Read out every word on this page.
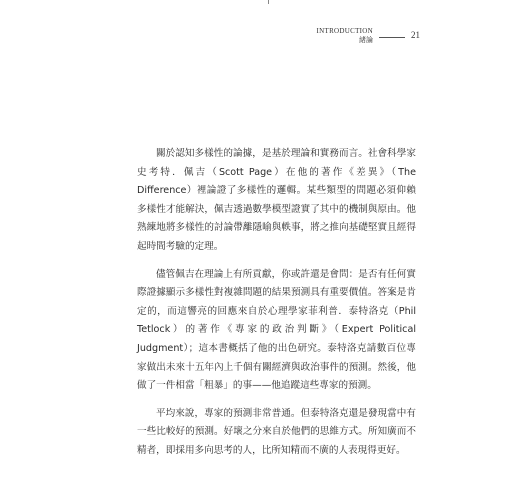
INTRODUCTION
緒論	21

關於認知多樣性的論據，是基於理論和實務而言。社會科學家史考特．佩吉（Scott Page）在他的著作《差異》（The Difference）裡論證了多樣性的邏輯。某些類型的問題必須仰賴多樣性才能解決，佩吉透過數學模型證實了其中的機制與原由。他熟練地將多樣性的討論帶離隱喻與軼事，將之推向基礎堅實且經得起時間考驗的定理。

儘管佩吉在理論上有所貢獻，你或許還是會問：是否有任何實際證據顯示多樣性對複雜問題的結果預測具有重要價值。答案是肯定的，而這響亮的回應來自於心理學家菲利普．泰特洛克（Phil Tetlock）的著作《專家的政治判斷》（Expert Political Judgment）；這本書概括了他的出色研究。泰特洛克請數百位專家做出未來十五年內上千個有關經濟與政治事件的預測。然後，他做了一件相當「粗暴」的事——他追蹤這些專家的預測。

平均來說，專家的預測非常普通。但泰特洛克還是發現當中有一些比較好的預測。好壞之分來自於他們的思維方式。所知廣而不精者，即採用多向思考的人，比所知精而不廣的人表現得更好。
